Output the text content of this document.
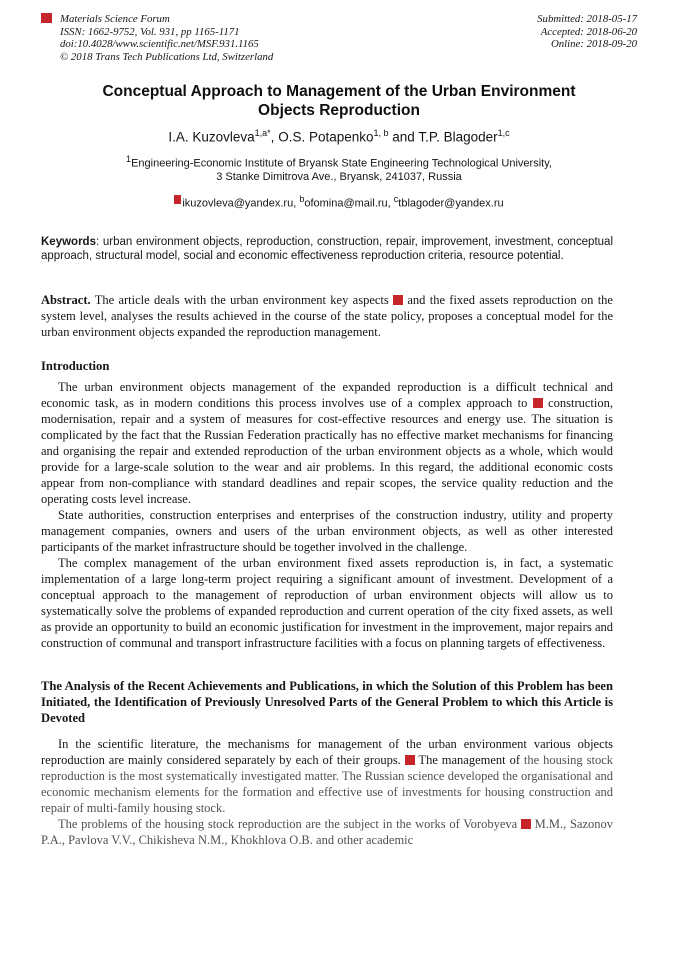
Materials Science Forum
ISSN: 1662-9752, Vol. 931, pp 1165-1171
doi:10.4028/www.scientific.net/MSF.931.1165
© 2018 Trans Tech Publications Ltd, Switzerland
Submitted: 2018-05-17
Accepted: 2018-06-20
Online: 2018-09-20
Conceptual Approach to Management of the Urban Environment Objects Reproduction
I.A. Kuzovleva$^{1,a*}$, O.S. Potapenko$^{1, b}$ and T.P. Blagoder$^{1,c}$
$^1$Engineering-Economic Institute of Bryansk State Engineering Technological University,
3 Stanke Dimitrova Ave., Bryansk, 241037, Russia
ikuzovleva@yandex.ru, $^b$ofomina@mail.ru, $^c$tblagoder@yandex.ru
Keywords: urban environment objects, reproduction, construction, repair, improvement, investment, conceptual approach, structural model, social and economic effectiveness reproduction criteria, resource potential.
Abstract. The article deals with the urban environment key aspects  and the fixed assets reproduction on the system level, analyses the results achieved in the course of the state policy, proposes a conceptual model for the urban environment objects expanded the reproduction management.
Introduction

The urban environment objects management of the expanded reproduction is a difficult technical and economic task, as in modern conditions this process involves use of a complex approach to  construction, modernisation, repair and a system of measures for cost-effective resources and energy use. The situation is complicated by the fact that the Russian Federation practically has no effective market mechanisms for financing and organising the repair and extended reproduction of the urban environment objects as a whole, which would provide for a large-scale solution to the wear and air problems. In this regard, the additional economic costs appear from non-compliance with standard deadlines and repair scopes, the service quality reduction and the operating costs level increase.

State authorities, construction enterprises and enterprises of the construction industry, utility and property management companies, owners and users of the urban environment objects, as well as other interested participants of the market infrastructure should be together involved in the challenge.

The complex management of the urban environment fixed assets reproduction is, in fact, a systematic implementation of a large long-term project requiring a significant amount of investment. Development of a conceptual approach to the management of reproduction of urban environment objects will allow us to systematically solve the problems of expanded reproduction and current operation of the city fixed assets, as well as provide an opportunity to build an economic justification for investment in the improvement, major repairs and construction of communal and transport infrastructure facilities with a focus on planning targets of effectiveness.

The Analysis of the Recent Achievements and Publications, in which the Solution of this Problem has been Initiated, the Identification of Previously Unresolved Parts of the General Problem to which this Article is Devoted

In the scientific literature, the mechanisms for management of the urban environment various objects reproduction are mainly considered separately by each of their groups.  The management of the housing stock reproduction is the most systematically investigated matter. The Russian science developed the organisational and economic mechanism elements for the formation and effective use of investments for housing construction and repair of multi-family housing stock.

The problems of the housing stock reproduction are the subject in the works of Vorobyeva  M.M., Sazonov P.A., Pavlova V.V., Chikisheva N.M., Khokhlova O.B. and other academic
